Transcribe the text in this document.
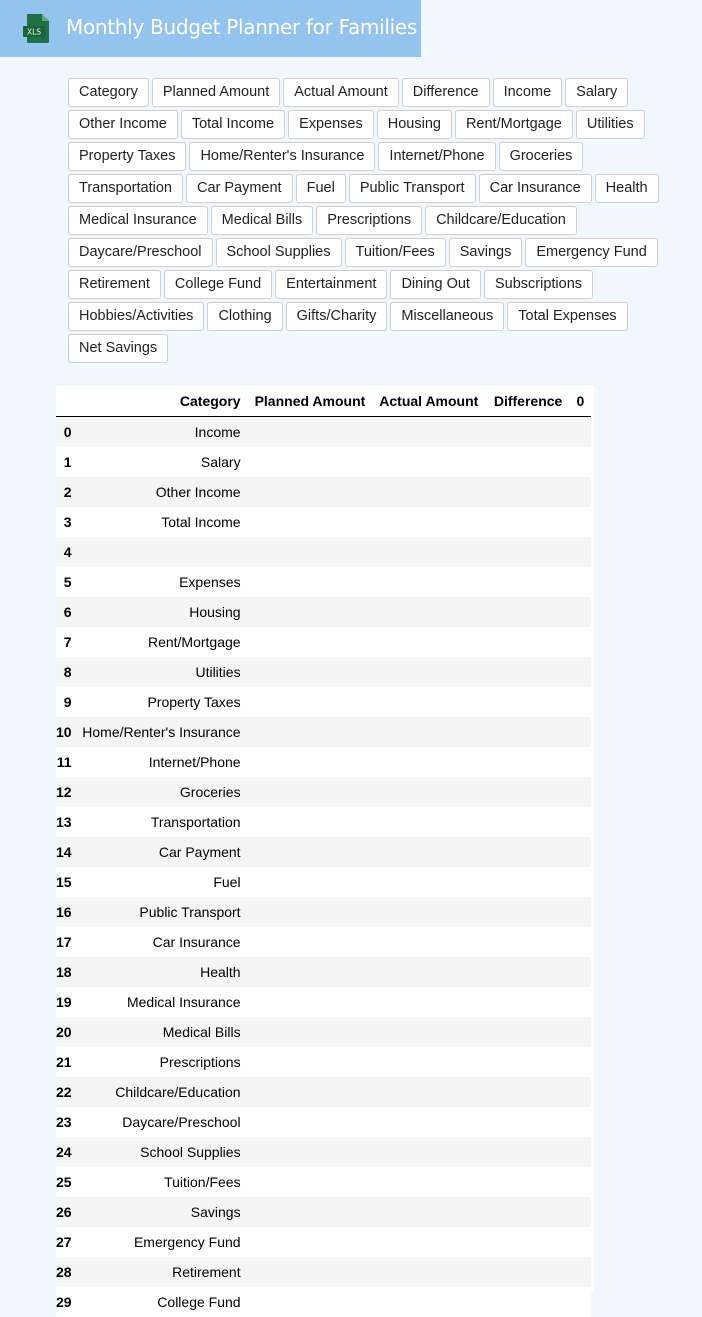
XLS Monthly Budget Planner for Families
Category	Planned Amount	Actual Amount	Difference	Income	Salary
Other Income	Total Income	Expenses	Housing	Rent/Mortgage	Utilities
Property Taxes	Home/Renter's Insurance	Internet/Phone	Groceries
Transportation	Car Payment	Fuel	Public Transport	Car Insurance	Health
Medical Insurance	Medical Bills	Prescriptions	Childcare/Education
Daycare/Preschool	School Supplies	Tuition/Fees	Savings	Emergency Fund
Retirement	College Fund	Entertainment	Dining Out	Subscriptions
Hobbies/Activities	Clothing	Gifts/Charity	Miscellaneous	Total Expenses
Net Savings
	Category	Planned Amount	Actual Amount	Difference	0
0	Income				
1	Salary				
2	Other Income				
3	Total Income				
4					
5	Expenses				
6	Housing				
7	Rent/Mortgage				
8	Utilities				
9	Property Taxes				
10	Home/Renter's Insurance				
11	Internet/Phone				
12	Groceries				
13	Transportation				
14	Car Payment				
15	Fuel				
16	Public Transport				
17	Car Insurance				
18	Health				
19	Medical Insurance				
20	Medical Bills				
21	Prescriptions				
22	Childcare/Education				
23	Daycare/Preschool				
24	School Supplies				
25	Tuition/Fees				
26	Savings				
27	Emergency Fund				
28	Retirement				
29	College Fund				
